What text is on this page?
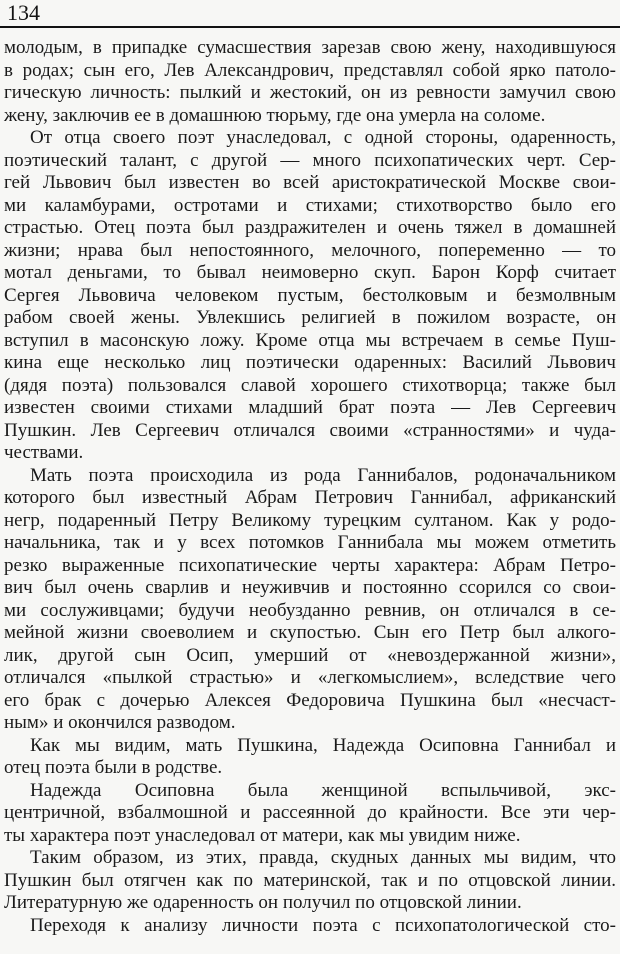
134
молодым, в припадке сумасшествия зарезав свою жену, находившуюся
в родах; сын его, Лев Александрович, представлял собой ярко патоло-
гическую личность: пылкий и жестокий, он из ревности замучил свою
жену, заключив ее в домашнюю тюрьму, где она умерла на соломе.
От отца своего поэт унаследовал, с одной стороны, одаренность,
поэтический талант, с другой — много психопатических черт. Сер-
гей Львович был известен во всей аристократической Москве свои-
ми каламбурами, остротами и стихами; стихотворство было его
страстью. Отец поэта был раздражителен и очень тяжел в домашней
жизни; нрава был непостоянного, мелочного, попеременно — то
мотал деньгами, то бывал неимоверно скуп. Барон Корф считает
Сергея Львовича человеком пустым, бестолковым и безмолвным
рабом своей жены. Увлекшись религией в пожилом возрасте, он
вступил в масонскую ложу. Кроме отца мы встречаем в семье Пуш-
кина еще несколько лиц поэтически одаренных: Василий Львович
(дядя поэта) пользовался славой хорошего стихотворца; также был
известен своими стихами младший брат поэта — Лев Сергеевич
Пушкин. Лев Сергеевич отличался своими «странностями» и чуда-
чествами.
Мать поэта происходила из рода Ганнибалов, родоначальником
которого был известный Абрам Петрович Ганнибал, африканский
негр, подаренный Петру Великому турецким султаном. Как у родо-
начальника, так и у всех потомков Ганнибала мы можем отметить
резко выраженные психопатические черты характера: Абрам Петро-
вич был очень сварлив и неуживчив и постоянно ссорился со свои-
ми сослуживцами; будучи необузданно ревнив, он отличался в се-
мейной жизни своеволием и скупостью. Сын его Петр был алкого-
лик, другой сын Осип, умерший от «невоздержанной жизни»,
отличался «пылкой страстью» и «легкомыслием», вследствие чего
его брак с дочерью Алексея Федоровича Пушкина был «несчаст-
ным» и окончился разводом.
Как мы видим, мать Пушкина, Надежда Осиповна Ганнибал и
отец поэта были в родстве.
Надежда Осиповна была женщиной вспыльчивой, экс-
центричной, взбалмошной и рассеянной до крайности. Все эти чер-
ты характера поэт унаследовал от матери, как мы увидим ниже.
Таким образом, из этих, правда, скудных данных мы видим, что
Пушкин был отягчен как по материнской, так и по отцовской линии.
Литературную же одаренность он получил по отцовской линии.
Переходя к анализу личности поэта с психопатологической сто-
